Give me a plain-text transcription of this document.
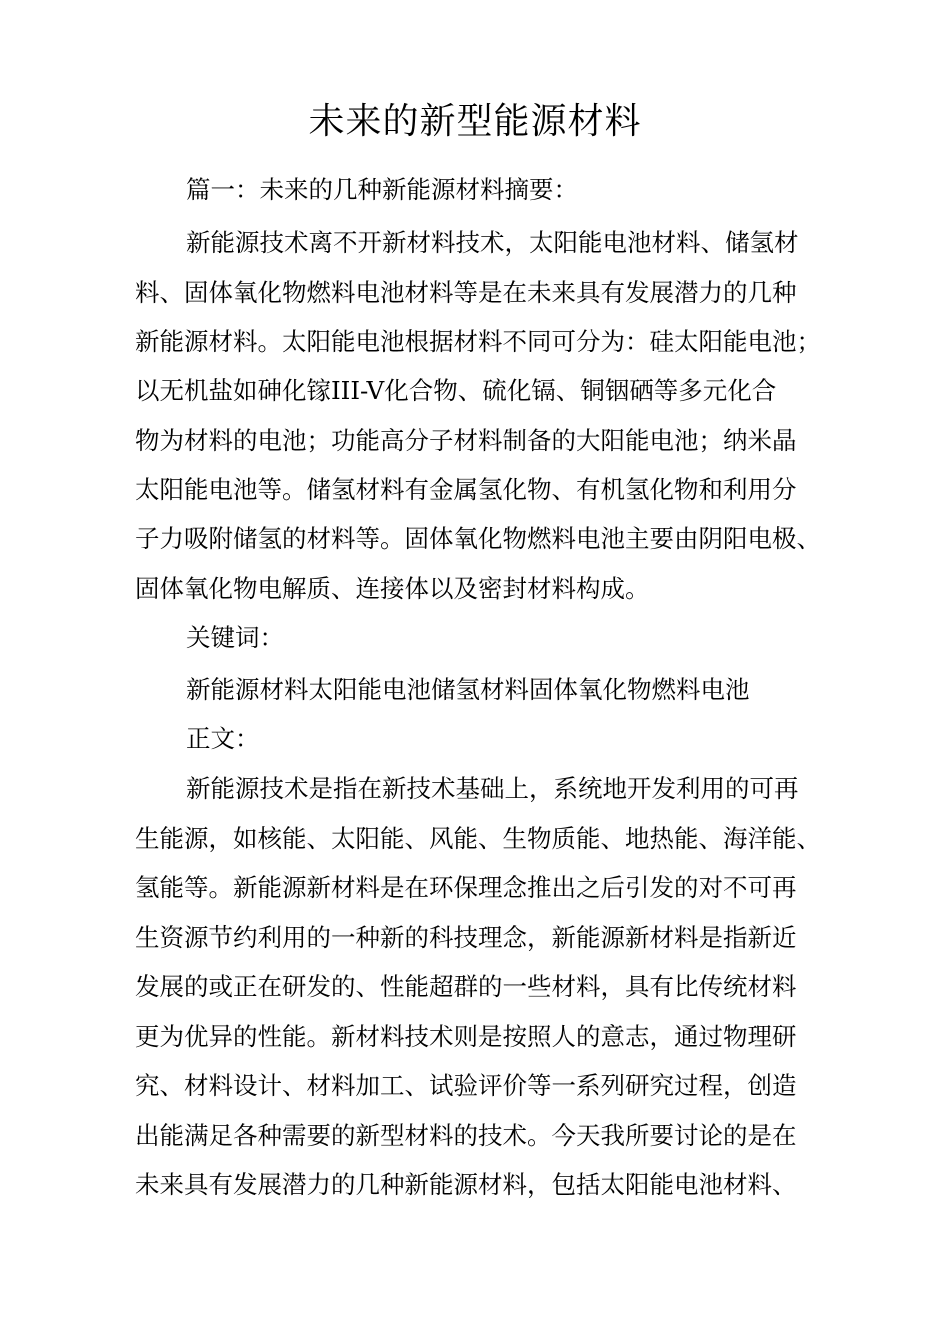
未来的新型能源材料
篇一：未来的几种新能源材料摘要：
新能源技术离不开新材料技术，太阳能电池材料、储氢材
料、固体氧化物燃料电池材料等是在未来具有发展潜力的几种
新能源材料。太阳能电池根据材料不同可分为：硅太阳能电池；
以无机盐如砷化镓III-V化合物、硫化镉、铜铟硒等多元化合
物为材料的电池；功能高分子材料制备的大阳能电池；纳米晶
太阳能电池等。储氢材料有金属氢化物、有机氢化物和利用分
子力吸附储氢的材料等。固体氧化物燃料电池主要由阴阳电极、
固体氧化物电解质、连接体以及密封材料构成。
关键词：
新能源材料太阳能电池储氢材料固体氧化物燃料电池
正文：
新能源技术是指在新技术基础上，系统地开发利用的可再
生能源，如核能、太阳能、风能、生物质能、地热能、海洋能、
氢能等。新能源新材料是在环保理念推出之后引发的对不可再
生资源节约利用的一种新的科技理念，新能源新材料是指新近
发展的或正在研发的、性能超群的一些材料，具有比传统材料
更为优异的性能。新材料技术则是按照人的意志，通过物理研
究、材料设计、材料加工、试验评价等一系列研究过程，创造
出能满足各种需要的新型材料的技术。今天我所要讨论的是在
未来具有发展潜力的几种新能源材料，包括太阳能电池材料、
